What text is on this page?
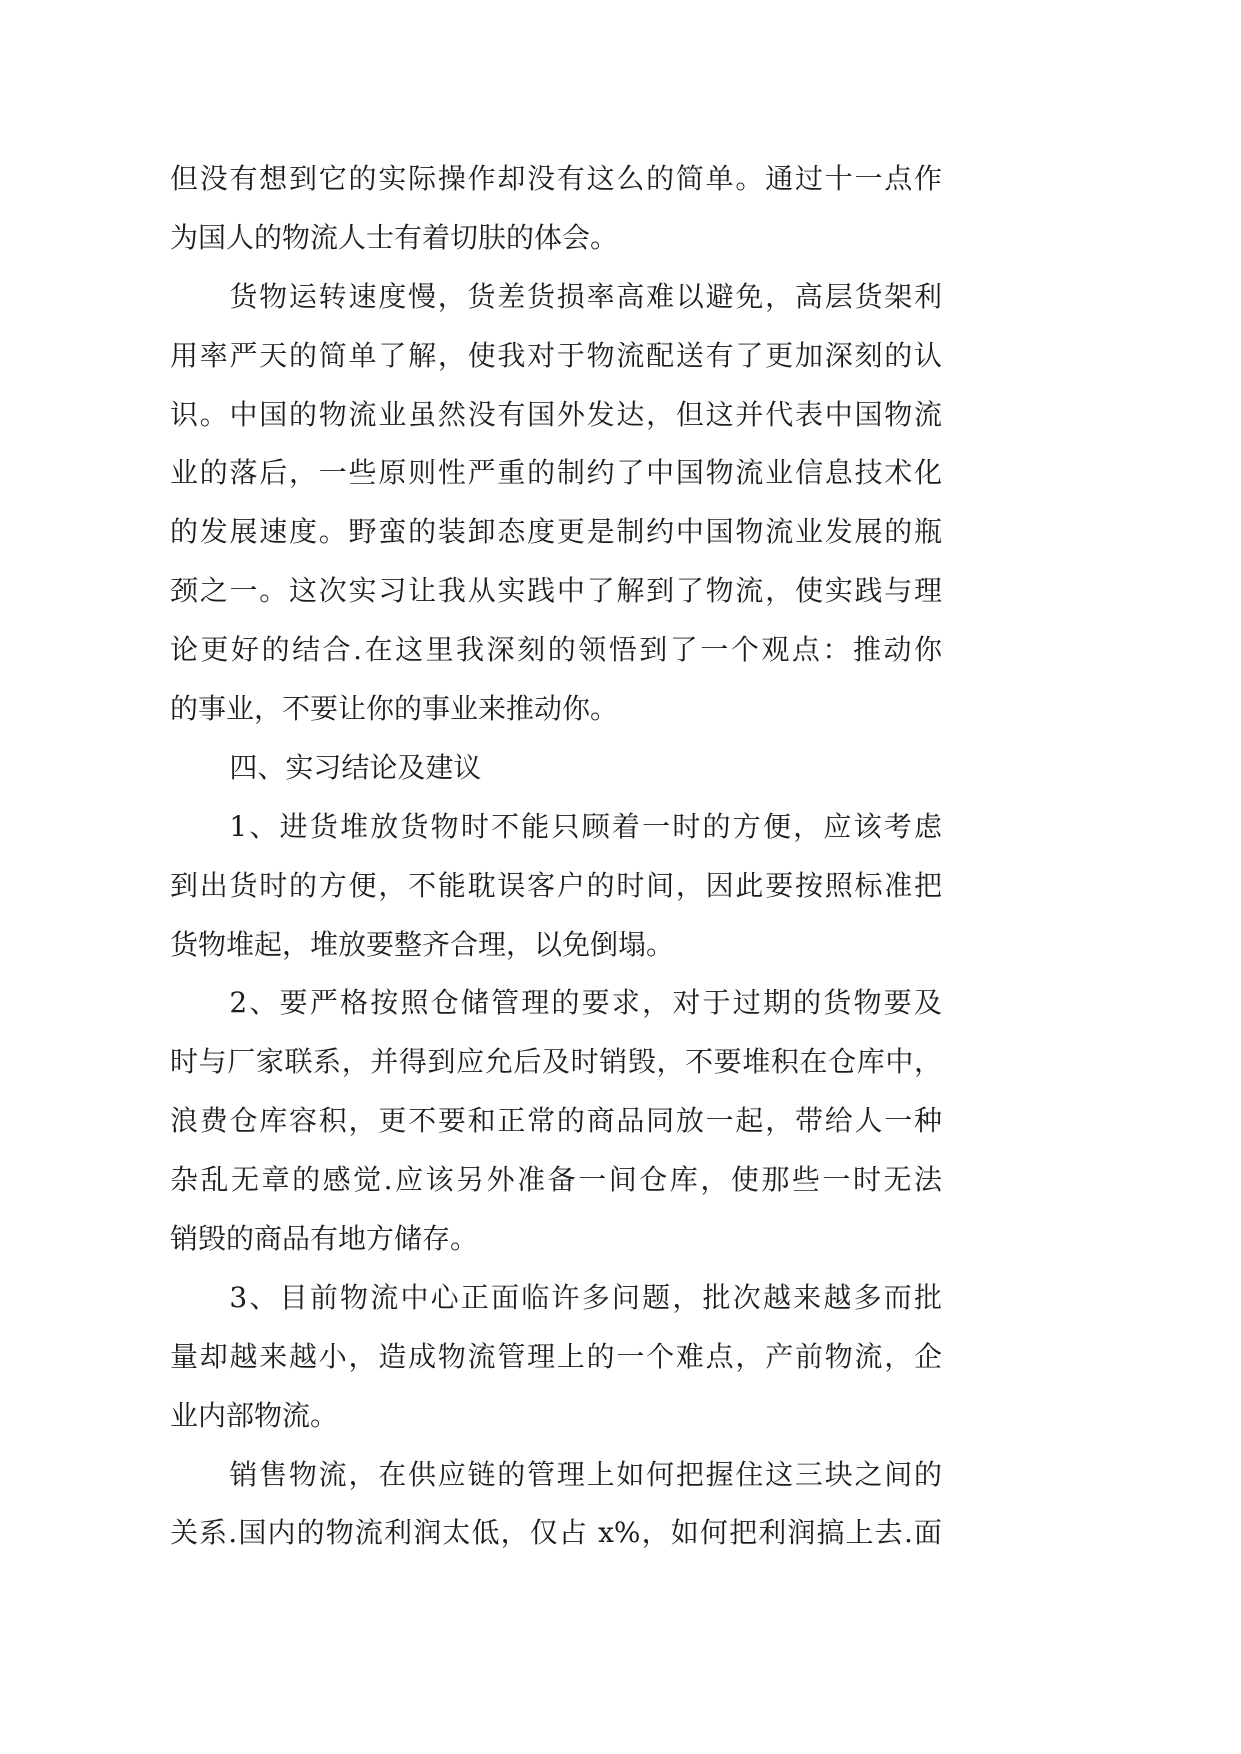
但没有想到它的实际操作却没有这么的简单。通过十一点作
为国人的物流人士有着切肤的体会。
货物运转速度慢，货差货损率高难以避免，高层货架利
用率严天的简单了解，使我对于物流配送有了更加深刻的认
识。中国的物流业虽然没有国外发达，但这并代表中国物流
业的落后，一些原则性严重的制约了中国物流业信息技术化
的发展速度。野蛮的装卸态度更是制约中国物流业发展的瓶
颈之一。这次实习让我从实践中了解到了物流，使实践与理
论更好的结合.在这里我深刻的领悟到了一个观点：推动你
的事业，不要让你的事业来推动你。
四、实习结论及建议
1、进货堆放货物时不能只顾着一时的方便，应该考虑
到出货时的方便，不能耽误客户的时间，因此要按照标准把
货物堆起，堆放要整齐合理，以免倒塌。
2、要严格按照仓储管理的要求，对于过期的货物要及
时与厂家联系，并得到应允后及时销毁，不要堆积在仓库中，
浪费仓库容积，更不要和正常的商品同放一起，带给人一种
杂乱无章的感觉.应该另外准备一间仓库，使那些一时无法
销毁的商品有地方储存。
3、目前物流中心正面临许多问题，批次越来越多而批
量却越来越小，造成物流管理上的一个难点，产前物流，企
业内部物流。
销售物流，在供应链的管理上如何把握住这三块之间的
关系.国内的物流利润太低，仅占 x%，如何把利润搞上去.面
